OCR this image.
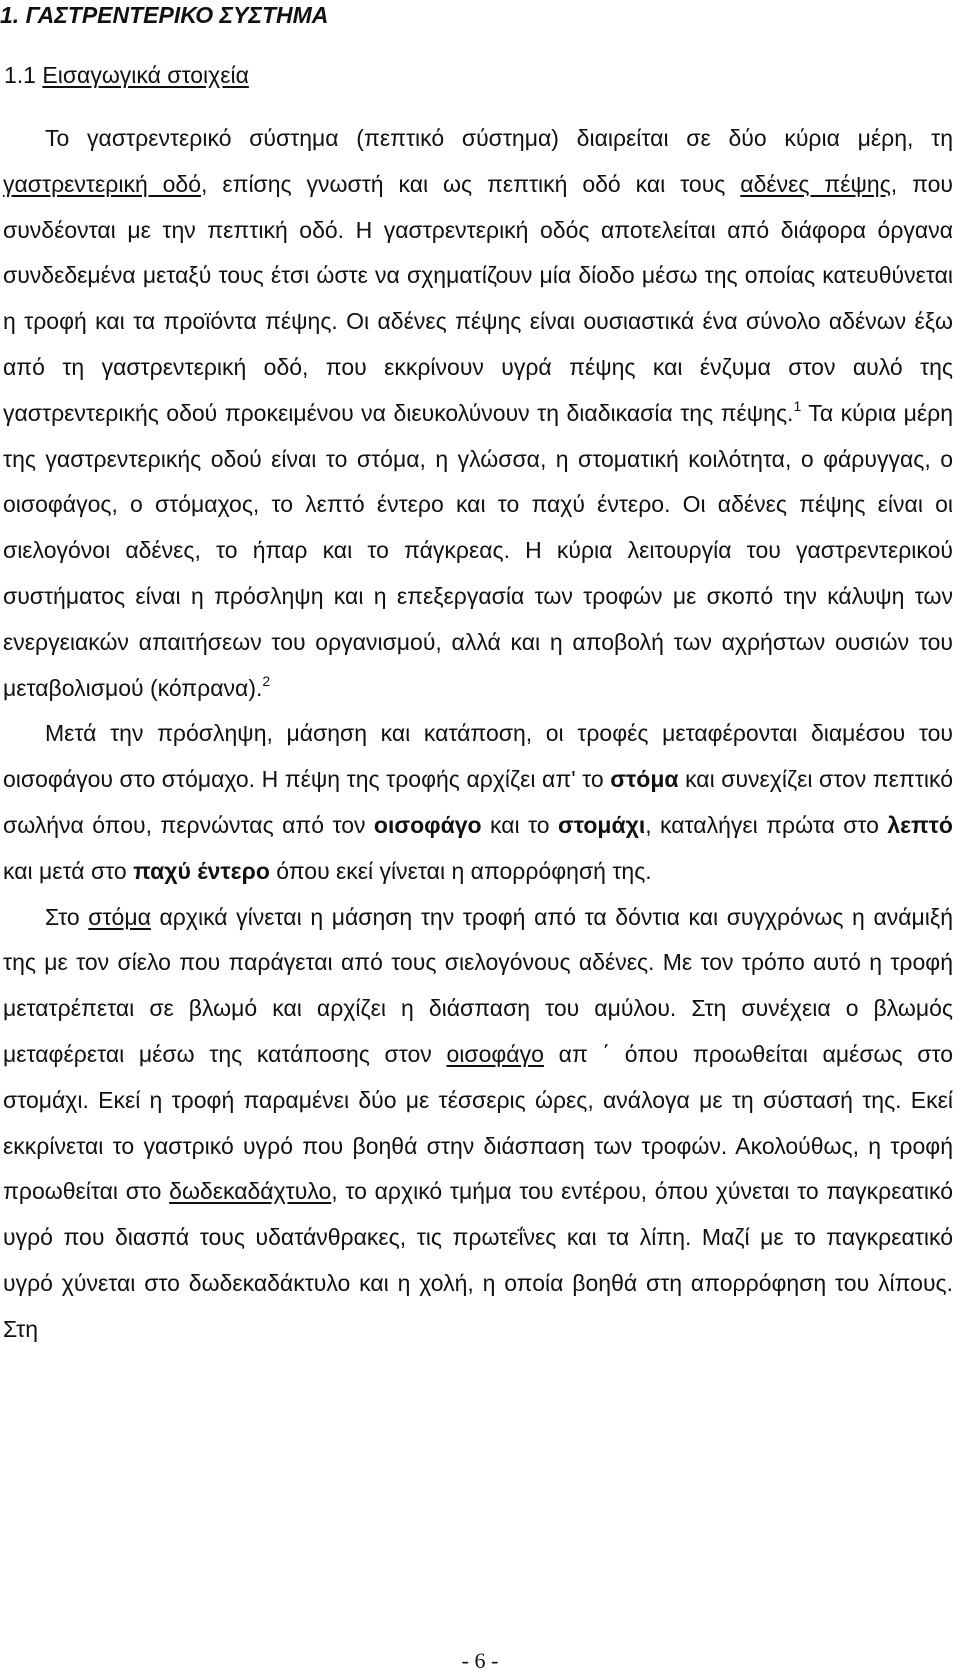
1. ΓΑΣΤΡΕΝΤΕΡΙΚΟ ΣΥΣΤΗΜΑ
1.1 Εισαγωγικά στοιχεία

Το γαστρεντερικό σύστημα (πεπτικό σύστημα) διαιρείται σε δύο κύρια μέρη, τη γαστρεντερική οδό, επίσης γνωστή και ως πεπτική οδό και τους αδένες πέψης, που συνδέονται με την πεπτική οδό. Η γαστρεντερική οδός αποτελείται από διάφορα όργανα συνδεδεμένα μεταξύ τους έτσι ώστε να σχηματίζουν μία δίοδο μέσω της οποίας κατευθύνεται η τροφή και τα προϊόντα πέψης. Οι αδένες πέψης είναι ουσιαστικά ένα σύνολο αδένων έξω από τη γαστρεντερική οδό, που εκκρίνουν υγρά πέψης και ένζυμα στον αυλό της γαστρεντερικής οδού προκειμένου να διευκολύνουν τη διαδικασία της πέψης.$^1$ Τα κύρια μέρη της γαστρεντερικής οδού είναι το στόμα, η γλώσσα, η στοματική κοιλότητα, ο φάρυγγας, ο οισοφάγος, ο στόμαχος, το λεπτό έντερο και το παχύ έντερο. Οι αδένες πέψης είναι οι σιελογόνοι αδένες, το ήπαρ και το πάγκρεας. Η κύρια λειτουργία του γαστρεντερικού συστήματος είναι η πρόσληψη και η επεξεργασία των τροφών με σκοπό την κάλυψη των ενεργειακών απαιτήσεων του οργανισμού, αλλά και η αποβολή των αχρήστων ουσιών του μεταβολισμού (κόπρανα).$^2$

Μετά την πρόσληψη, μάσηση και κατάποση, οι τροφές μεταφέρονται διαμέσου του οισοφάγου στο στόμαχο. Η πέψη της τροφής αρχίζει απ' το στόμα και συνεχίζει στον πεπτικό σωλήνα όπου, περνώντας από τον οισοφάγο και το στομάχι, καταλήγει πρώτα στο λεπτό και μετά στο παχύ έντερο όπου εκεί γίνεται η απορρόφησή της.

Στο στόμα αρχικά γίνεται η μάσηση την τροφή από τα δόντια και συγχρόνως η ανάμιξή της με τον σίελο που παράγεται από τους σιελογόνους αδένες. Με τον τρόπο αυτό η τροφή μετατρέπεται σε βλωμό και αρχίζει η διάσπαση του αμύλου. Στη συνέχεια ο βλωμός μεταφέρεται μέσω της κατάποσης στον οισοφάγο απ ΄ όπου προωθείται αμέσως στο στομάχι. Εκεί η τροφή παραμένει δύο με τέσσερις ώρες, ανάλογα με τη σύστασή της. Εκεί εκκρίνεται το γαστρικό υγρό που βοηθά στην διάσπαση των τροφών. Ακολούθως, η τροφή προωθείται στο δωδεκαδάχτυλο, το αρχικό τμήμα του εντέρου, όπου χύνεται το παγκρεατικό υγρό που διασπά τους υδατάνθρακες, τις πρωτεΐνες και τα λίπη. Μαζί με το παγκρεατικό υγρό χύνεται στο δωδεκαδάκτυλο και η χολή, η οποία βοηθά στη απορρόφηση του λίπους. Στη

- 6 -
